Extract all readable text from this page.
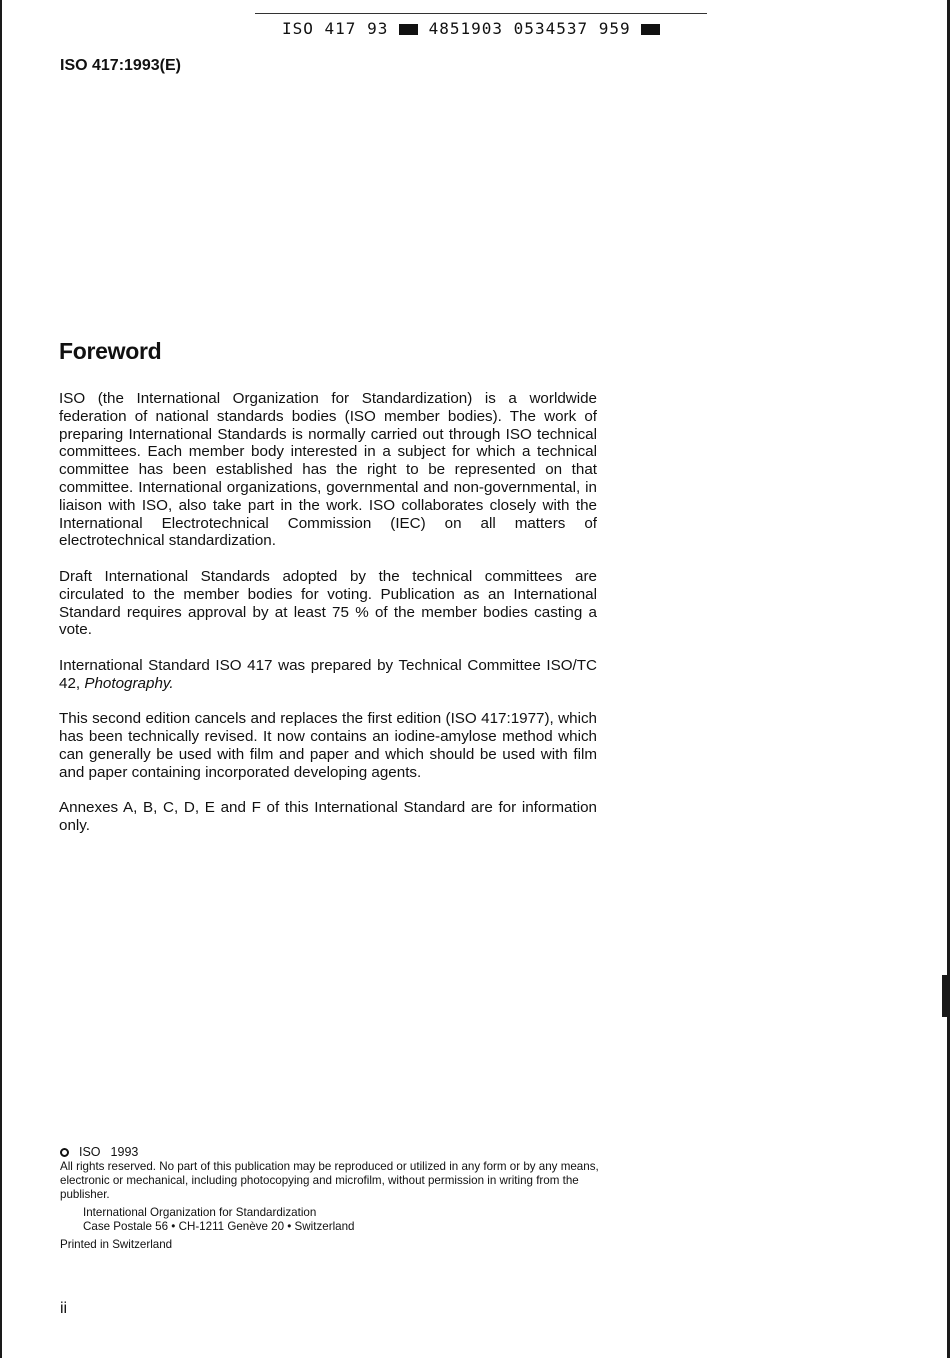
ISO 417 93	4851903 0534537 959
ISO 417:1993(E)
Foreword

ISO (the International Organization for Standardization) is a worldwide federation of national standards bodies (ISO member bodies). The work of preparing International Standards is normally carried out through ISO technical committees. Each member body interested in a subject for which a technical committee has been established has the right to be represented on that committee. International organizations, governmental and non-governmental, in liaison with ISO, also take part in the work. ISO collaborates closely with the International Electrotechnical Commission (IEC) on all matters of electrotechnical standardization.

Draft International Standards adopted by the technical committees are circulated to the member bodies for voting. Publication as an International Standard requires approval by at least 75 % of the member bodies casting a vote.

International Standard ISO 417 was prepared by Technical Committee ISO/TC 42, Photography.

This second edition cancels and replaces the first edition (ISO 417:1977), which has been technically revised. It now contains an iodine-amylose method which can generally be used with film and paper and which should be used with film and paper containing incorporated developing agents.

Annexes A, B, C, D, E and F of this International Standard are for information only.

ISO 1993
All rights reserved. No part of this publication may be reproduced or utilized in any form or by any means, electronic or mechanical, including photocopying and microfilm, without permission in writing from the publisher.
International Organization for Standardization
Case Postale 56 • CH-1211 Genève 20 • Switzerland
Printed in Switzerland
ii
